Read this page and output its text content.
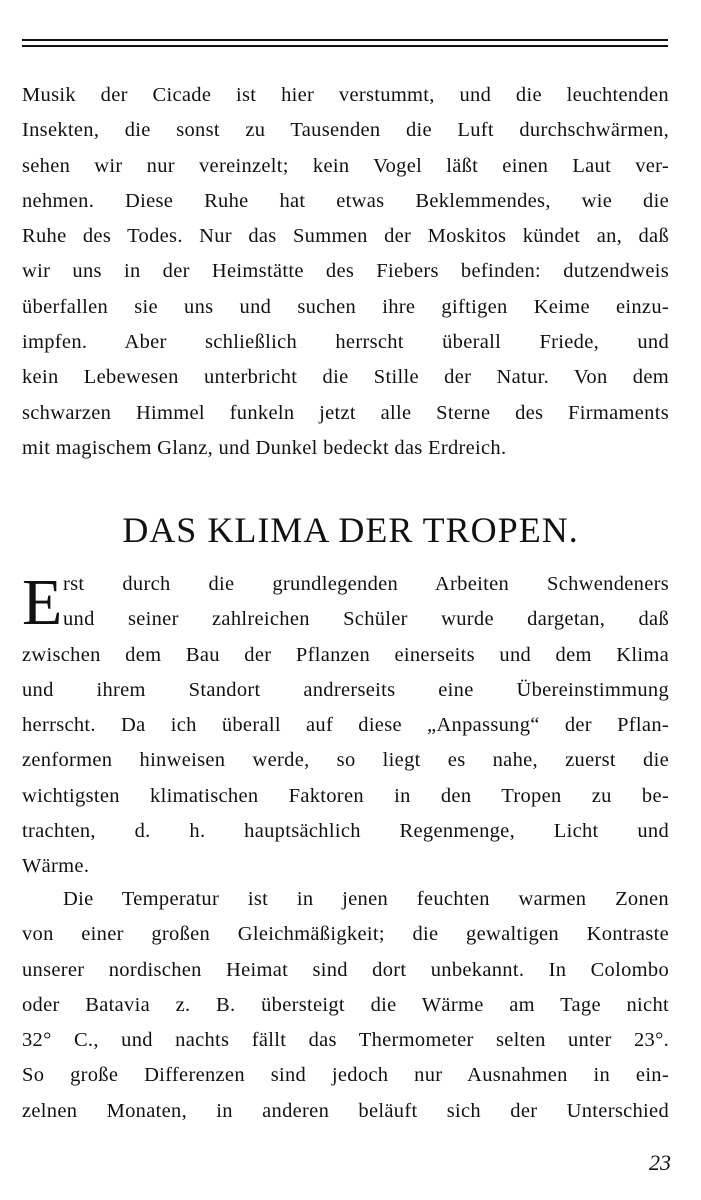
Musik der Cicade ist hier verstummt, und die leuchtenden
Insekten, die sonst zu Tausenden die Luft durchschwärmen,
sehen wir nur vereinzelt; kein Vogel läßt einen Laut ver-
nehmen. Diese Ruhe hat etwas Beklemmendes, wie die
Ruhe des Todes. Nur das Summen der Moskitos kündet an, daß
wir uns in der Heimstätte des Fiebers befinden: dutzendweis
überfallen sie uns und suchen ihre giftigen Keime einzu-
impfen. Aber schließlich herrscht überall Friede, und
kein Lebewesen unterbricht die Stille der Natur. Von dem
schwarzen Himmel funkeln jetzt alle Sterne des Firmaments
mit magischem Glanz, und Dunkel bedeckt das Erdreich.
DAS KLIMA DER TROPEN.
E rst durch die grundlegenden Arbeiten Schwendeners
und seiner zahlreichen Schüler wurde dargetan, daß
zwischen dem Bau der Pflanzen einerseits und dem Klima
und ihrem Standort andrerseits eine Übereinstimmung
herrscht. Da ich überall auf diese „Anpassung“ der Pflan-
zenformen hinweisen werde, so liegt es nahe, zuerst die
wichtigsten klimatischen Faktoren in den Tropen zu be-
trachten, d. h. hauptsächlich Regenmenge, Licht und
Wärme.
Die Temperatur ist in jenen feuchten warmen Zonen
von einer großen Gleichmäßigkeit; die gewaltigen Kontraste
unserer nordischen Heimat sind dort unbekannt. In Colombo
oder Batavia z. B. übersteigt die Wärme am Tage nicht
32° C., und nachts fällt das Thermometer selten unter 23°.
So große Differenzen sind jedoch nur Ausnahmen in ein-
zelnen Monaten, in anderen beläuft sich der Unterschied
23
